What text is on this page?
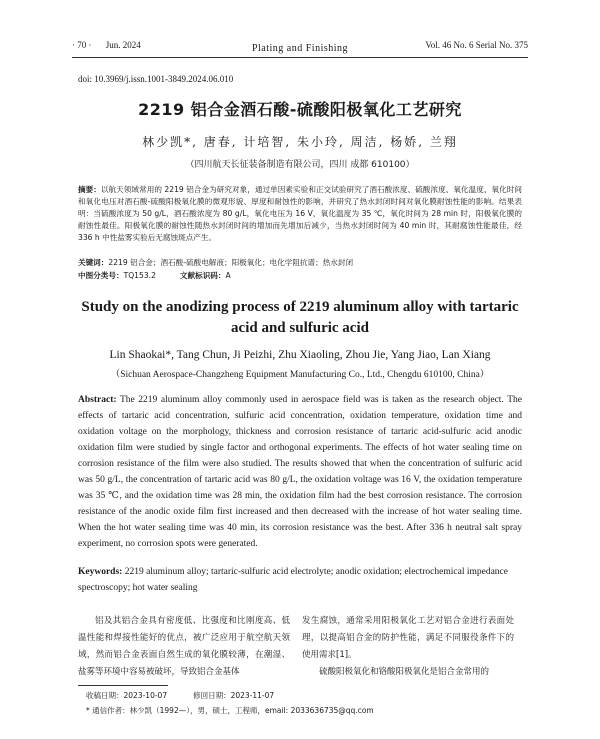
· 70 · Jun. 2024	Plating and Finishing	Vol. 46 No. 6 Serial No. 375
doi: 10.3969/j.issn.1001-3849.2024.06.010
2219 铝合金酒石酸-硫酸阳极氧化工艺研究
林少凯*, 唐春, 计培智, 朱小玲, 周洁, 杨娇, 兰翔
（四川航天长征装备制造有限公司，四川 成都 610100）
摘要：以航天领域常用的 2219 铝合金为研究对象，通过单因素实验和正交试验研究了酒石酸浓度、硫酸浓度、氧化温度、氧化时间和氧化电压对酒石酸-硫酸阳极氧化膜的微观形貌、厚度和耐蚀性的影响，并研究了热水封闭时间对氧化膜耐蚀性能的影响。结果表明：当硫酸浓度为 50 g/L，酒石酸浓度为 80 g/L，氧化电压为 16 V，氧化温度为 35 ℃，氧化时间为 28 min 时，阳极氧化膜的耐蚀性最佳。阳极氧化膜的耐蚀性随热水封闭时间的增加而先增加后减少，当热水封闭时间为 40 min 时，其耐腐蚀性能最佳，经 336 h 中性盐雾实验后无腐蚀斑点产生。
关键词：2219 铝合金；酒石酸-硫酸电解液；阳极氧化；电化学阻抗谱；热水封闭
中图分类号：TQ153.2	文献标识码：A
Study on the anodizing process of 2219 aluminum alloy with tartaric acid and sulfuric acid
Lin Shaokai*, Tang Chun, Ji Peizhi, Zhu Xiaoling, Zhou Jie, Yang Jiao, Lan Xiang
（Sichuan Aerospace-Changzheng Equipment Manufacturing Co., Ltd., Chengdu 610100, China）
Abstract: The 2219 aluminum alloy commonly used in aerospace field was is taken as the research object. The effects of tartaric acid concentration, sulfuric acid concentration, oxidation temperature, oxidation time and oxidation voltage on the morphology, thickness and corrosion resistance of tartaric acid-sulfuric acid anodic oxidation film were studied by single factor and orthogonal experiments. The effects of hot water sealing time on corrosion resistance of the film were also studied. The results showed that when the concentration of sulfuric acid was 50 g/L, the concentration of tartaric acid was 80 g/L, the oxidation voltage was 16 V, the oxidation temperature was 35 ℃, and the oxidation time was 28 min, the oxidation film had the best corrosion resistance. The corrosion resistance of the anodic oxide film first increased and then decreased with the increase of hot water sealing time. When the hot water sealing time was 40 min, its corrosion resistance was the best. After 336 h neutral salt spray experiment, no corrosion spots were generated.
Keywords: 2219 aluminum alloy; tartaric-sulfuric acid electrolyte; anodic oxidation; electrochemical impedance spectroscopy; hot water sealing

铝及其铝合金具有密度低、比强度和比刚度高、低温性能和焊接性能好的优点，被广泛应用于航空航天领域，然而铝合金表面自然生成的氧化膜较薄，在潮湿、盐雾等环境中容易被破坏，导致铝合金基体

发生腐蚀，通常采用阳极氧化工艺对铝合金进行表面处理，以提高铝合金的防护性能，满足不同服役条件下的使用需求[1]。

硫酸阳极氧化和铬酸阳极氧化是铝合金常用的

收稿日期：2023-10-07	修回日期：2023-11-07
* 通信作者：林少凯（1992—），男，硕士，工程师，email: 2033636735@qq.com
